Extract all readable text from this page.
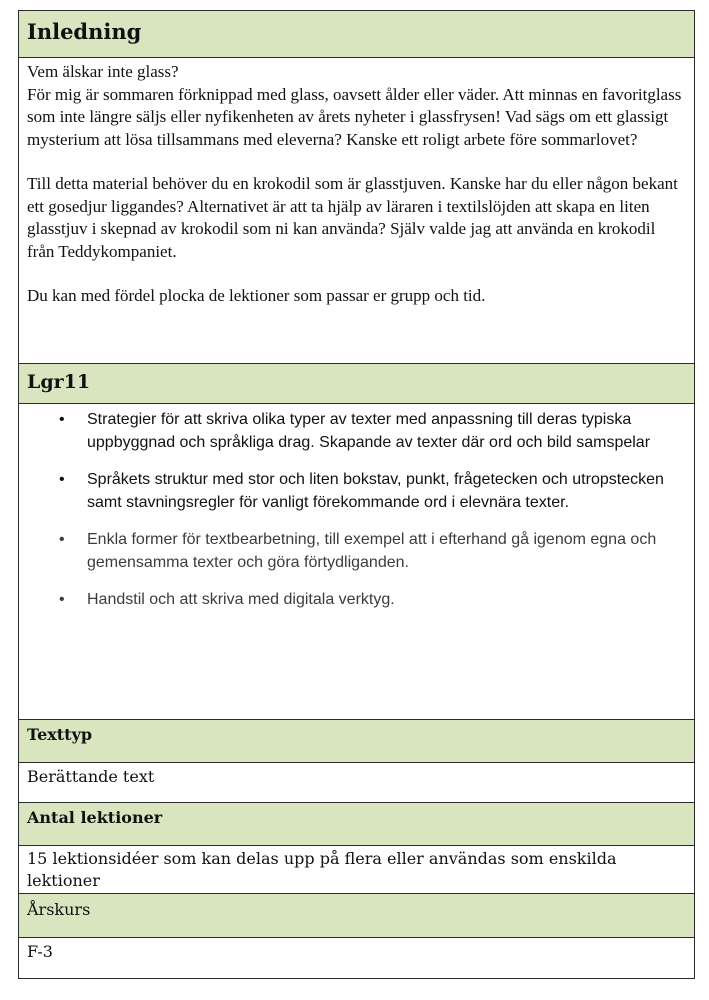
Inledning

Vem älskar inte glass?

För mig är sommaren förknippad med glass, oavsett ålder eller väder. Att minnas en favoritglass som inte längre säljs eller nyfikenheten av årets nyheter i glassfrysen! Vad sägs om ett glassigt mysterium att lösa tillsammans med eleverna? Kanske ett roligt arbete före sommarlovet?

Till detta material behöver du en krokodil som är glasstjuven. Kanske har du eller någon bekant ett gosedjur liggandes? Alternativet är att ta hjälp av läraren i textilslöjden att skapa en liten glasstjuv i skepnad av krokodil som ni kan använda? Själv valde jag att använda en krokodil från Teddykompaniet.

Du kan med fördel plocka de lektioner som passar er grupp och tid.

Lgr11
• Strategier för att skriva olika typer av texter med anpassning till deras typiska uppbyggnad och språkliga drag. Skapande av texter där ord och bild samspelar
• Språkets struktur med stor och liten bokstav, punkt, frågetecken och utropstecken samt stavningsregler för vanligt förekommande ord i elevnära texter.
• Enkla former för textbearbetning, till exempel att i efterhand gå igenom egna och gemensamma texter och göra förtydliganden.
• Handstil och att skriva med digitala verktyg.
Texttyp
Berättande text
Antal lektioner
15 lektionsidéer som kan delas upp på flera eller användas som enskilda lektioner
Årskurs
F-3
